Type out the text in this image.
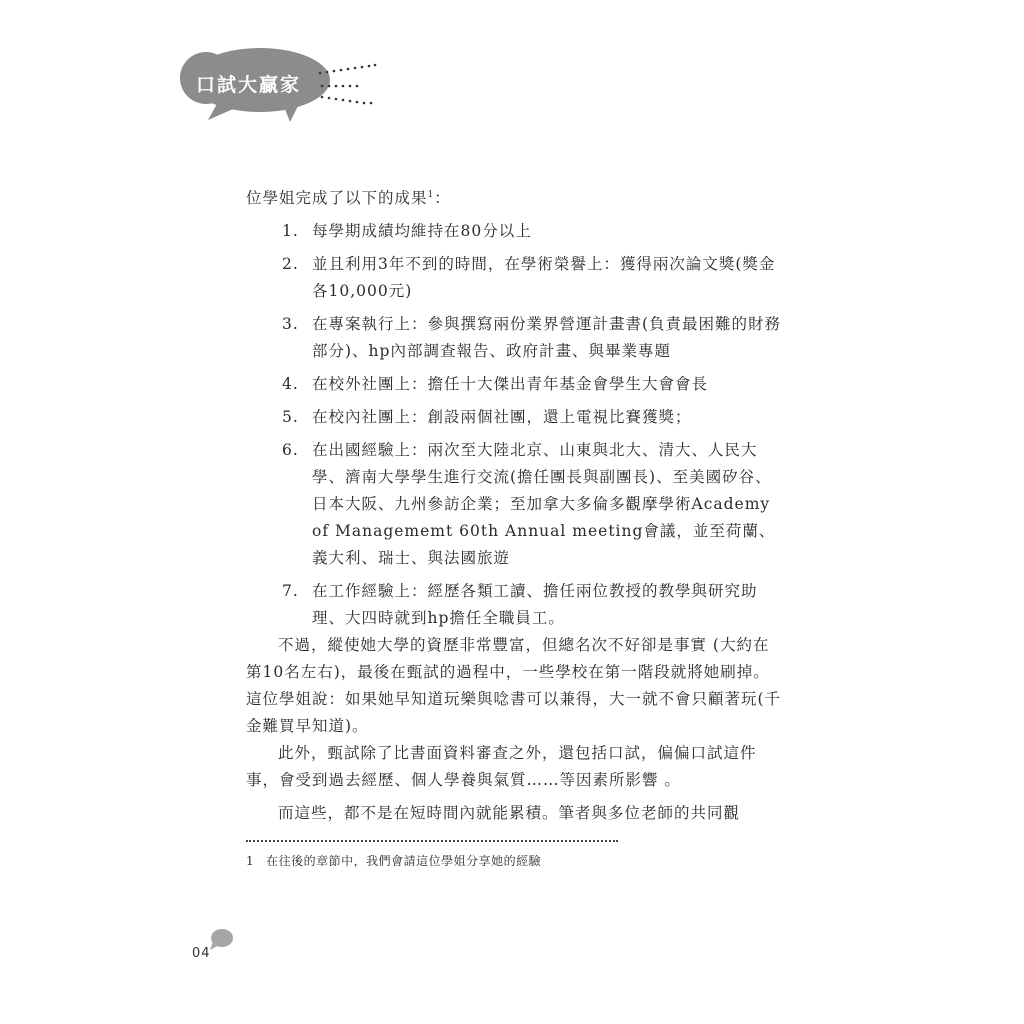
口試大贏家
位學姐完成了以下的成果$^1$：
1. 每學期成績均維持在80分以上
2. 並且利用3年不到的時間，在學術榮譽上：獲得兩次論文獎(獎金各10,000元)
3. 在專案執行上：參與撰寫兩份業界營運計畫書(負責最困難的財務部分)、hp內部調查報告、政府計畫、與畢業專題
4. 在校外社團上：擔任十大傑出青年基金會學生大會會長
5. 在校內社團上：創設兩個社團，還上電視比賽獲獎；
6. 在出國經驗上：兩次至大陸北京、山東與北大、清大、人民大學、濟南大學學生進行交流(擔任團長與副團長)、至美國矽谷、日本大阪、九州參訪企業；至加拿大多倫多觀摩學術Academy of Managememt 60th Annual meeting會議，並至荷蘭、義大利、瑞士、與法國旅遊
7. 在工作經驗上：經歷各類工讀、擔任兩位教授的教學與研究助理、大四時就到hp擔任全職員工。

不過，縱使她大學的資歷非常豐富，但總名次不好卻是事實 (大約在第10名左右)，最後在甄試的過程中，一些學校在第一階段就將她刷掉。這位學姐說：如果她早知道玩樂與唸書可以兼得，大一就不會只顧著玩(千金難買早知道)。

此外，甄試除了比書面資料審查之外，還包括口試，偏偏口試這件事，會受到過去經歷、個人學養與氣質……等因素所影響 。

而這些，都不是在短時間內就能累積。筆者與多位老師的共同觀

1 在往後的章節中，我們會請這位學姐分享她的經驗
04
